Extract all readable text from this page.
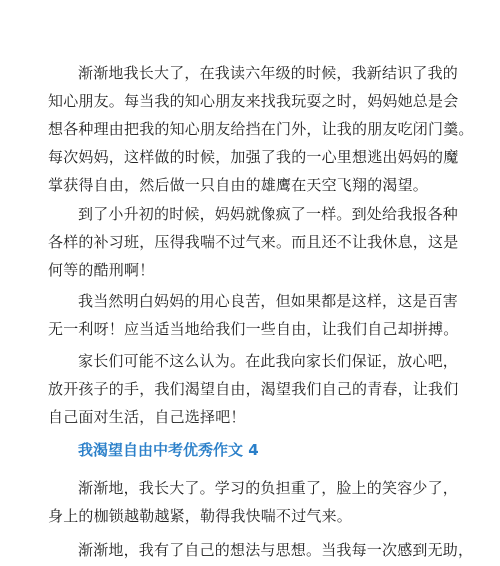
渐渐地我长大了，在我读六年级的时候，我新结识了我的
知心朋友。每当我的知心朋友来找我玩耍之时，妈妈她总是会
想各种理由把我的知心朋友给挡在门外，让我的朋友吃闭门羹。
每次妈妈，这样做的时候，加强了我的一心里想逃出妈妈的魔
掌获得自由，然后做一只自由的雄鹰在天空飞翔的渴望。
到了小升初的时候，妈妈就像疯了一样。到处给我报各种
各样的补习班，压得我喘不过气来。而且还不让我休息，这是
何等的酷刑啊！
我当然明白妈妈的用心良苦，但如果都是这样，这是百害
无一利呀！应当适当地给我们一些自由，让我们自己却拼搏。
家长们可能不这么认为。在此我向家长们保证，放心吧，
放开孩子的手，我们渴望自由，渴望我们自己的青春，让我们
自己面对生活，自己选择吧！
我渴望自由中考优秀作文 4
渐渐地，我长大了。学习的负担重了，脸上的笑容少了，
身上的枷锁越勒越紧，勒得我快喘不过气来。
渐渐地，我有了自己的想法与思想。当我每一次感到无助，
